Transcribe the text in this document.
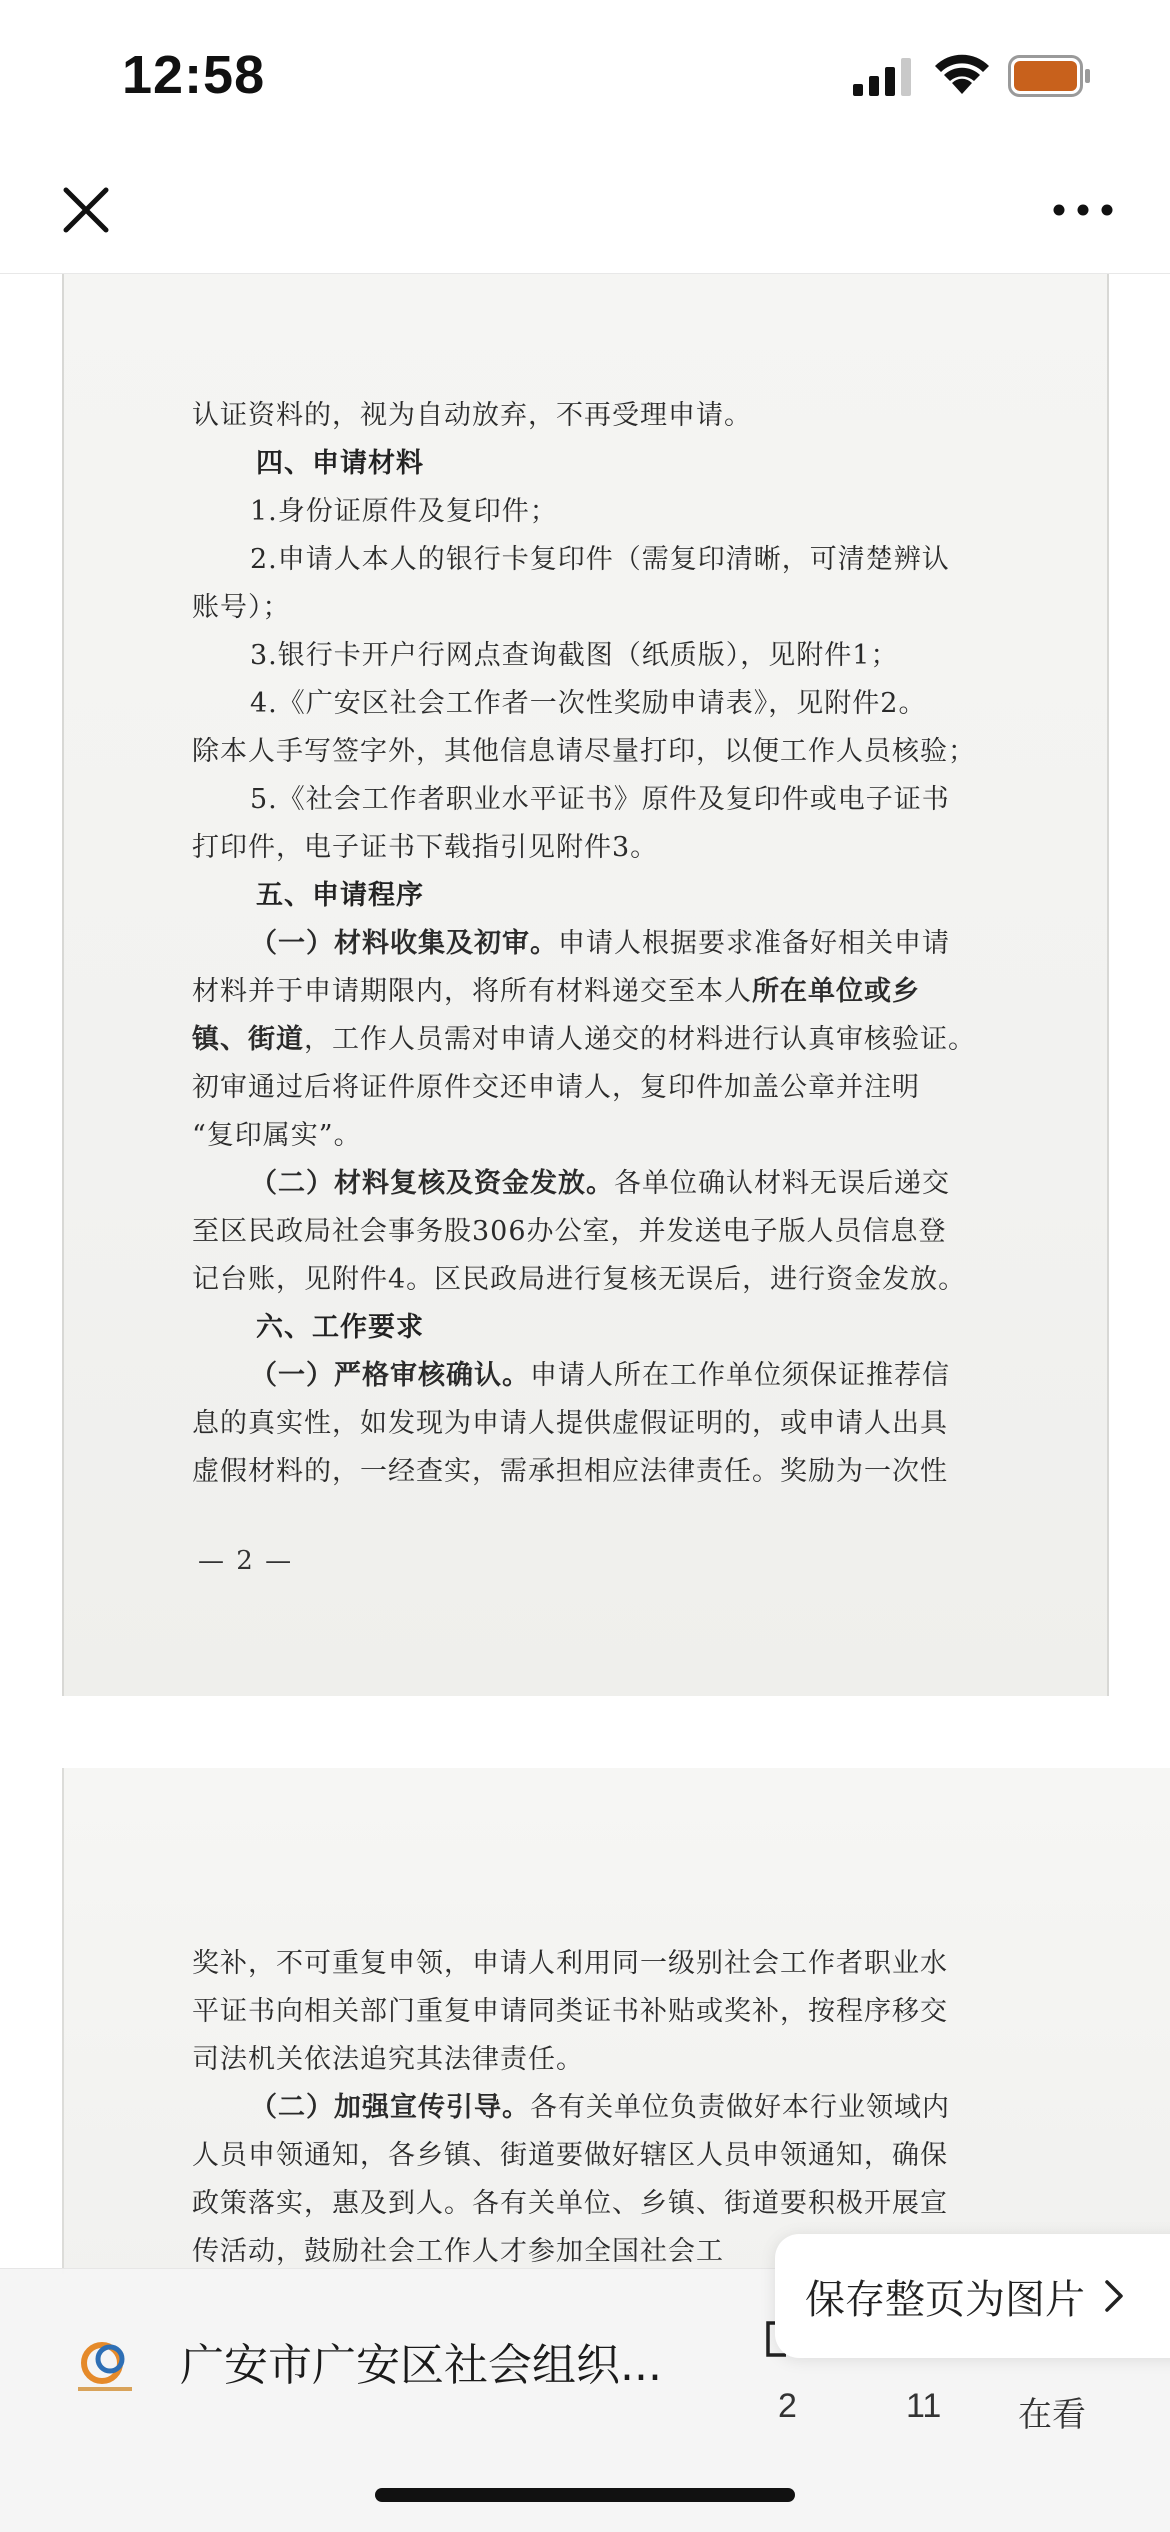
12:58

认证资料的，视为自动放弃，不再受理申请。

四、申请材料

1.身份证原件及复印件；

2.申请人本人的银行卡复印件（需复印清晰，可清楚辨认

账号）；

3.银行卡开户行网点查询截图（纸质版），见附件1；

4.《广安区社会工作者一次性奖励申请表》，见附件2。

除本人手写签字外，其他信息请尽量打印，以便工作人员核验；

5.《社会工作者职业水平证书》原件及复印件或电子证书

打印件，电子证书下载指引见附件3。

五、申请程序

（一）材料收集及初审。申请人根据要求准备好相关申请

材料并于申请期限内，将所有材料递交至本人所在单位或乡

镇、街道，工作人员需对申请人递交的材料进行认真审核验证。

初审通过后将证件原件交还申请人，复印件加盖公章并注明

“复印属实”。

（二）材料复核及资金发放。各单位确认材料无误后递交

至区民政局社会事务股306办公室，并发送电子版人员信息登

记台账，见附件4。区民政局进行复核无误后，进行资金发放。

六、工作要求

（一）严格审核确认。申请人所在工作单位须保证推荐信

息的真实性，如发现为申请人提供虚假证明的，或申请人出具

虚假材料的，一经查实，需承担相应法律责任。奖励为一次性

— 2 —

奖补，不可重复申领，申请人利用同一级别社会工作者职业水

平证书向相关部门重复申请同类证书补贴或奖补，按程序移交

司法机关依法追究其法律责任。

（二）加强宣传引导。各有关单位负责做好本行业领域内

人员申领通知，各乡镇、街道要做好辖区人员申领通知，确保

政策落实，惠及到人。各有关单位、乡镇、街道要积极开展宣

传活动，鼓励社会工作人才参加全国社会工

广安市广安区社会组织...
2	11 在看
保存整页为图片
